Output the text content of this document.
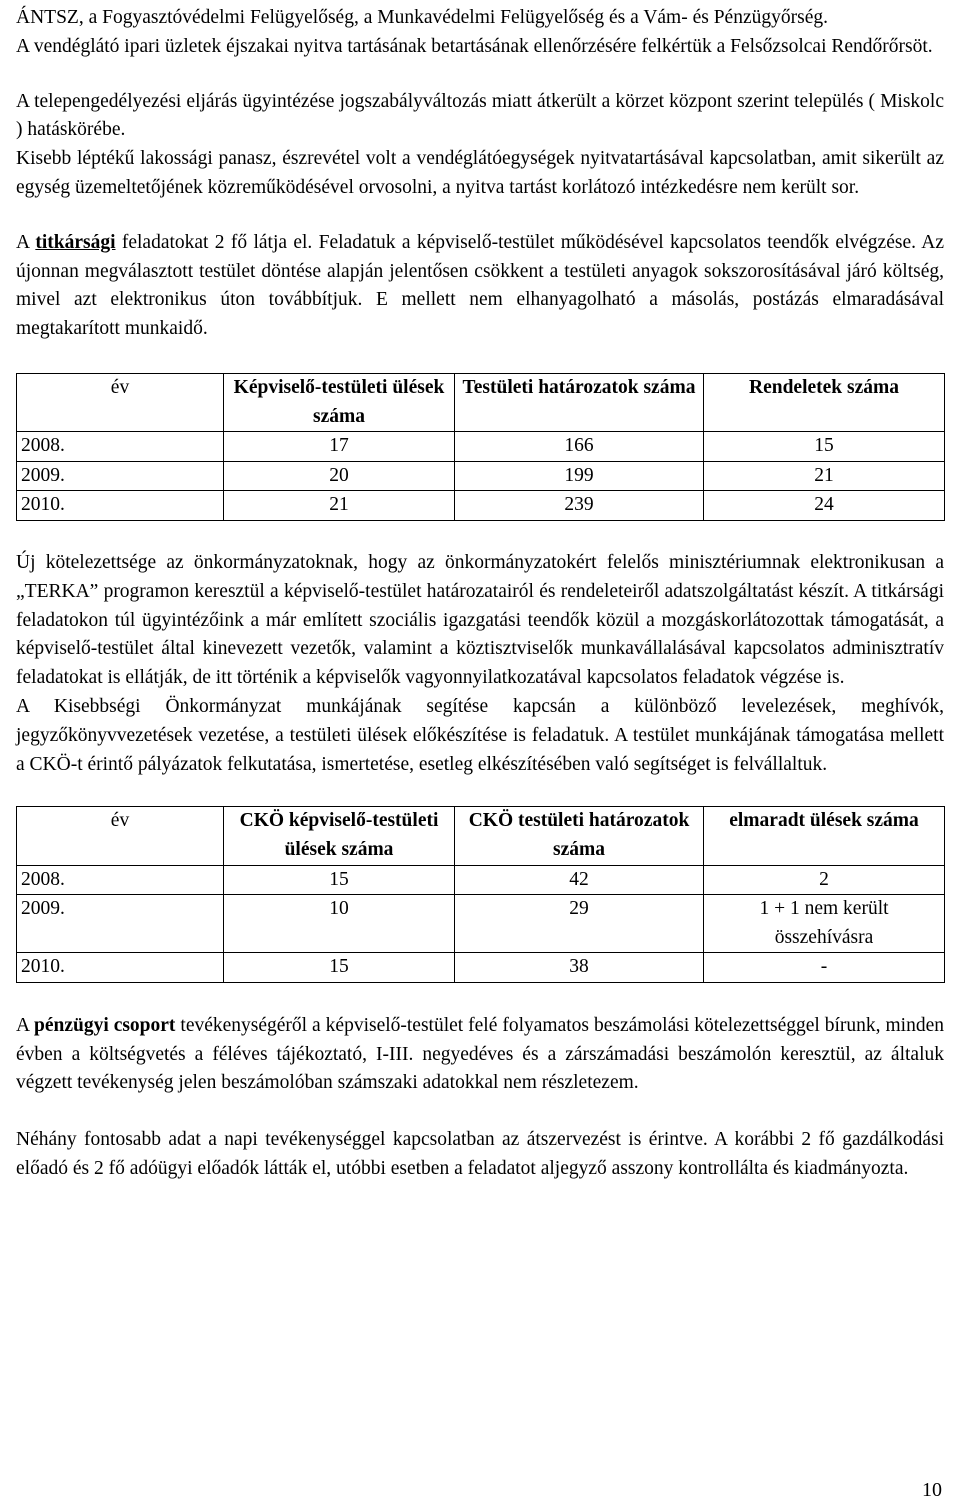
ÁNTSZ, a Fogyasztóvédelmi Felügyelőség, a Munkavédelmi Felügyelőség és a Vám- és Pénzügyőrség.

A vendéglátó ipari üzletek éjszakai nyitva tartásának betartásának ellenőrzésére felkértük a Felsőzsolcai Rendőrőrsöt.

A telepengedélyezési eljárás ügyintézése jogszabályváltozás miatt átkerült a körzet központ szerint település ( Miskolc ) hatáskörébe.

Kisebb léptékű lakossági panasz, észrevétel volt a vendéglátóegységek nyitvatartásával kapcsolatban, amit sikerült az egység üzemeltetőjének közreműködésével orvosolni, a nyitva tartást korlátozó intézkedésre nem került sor.

A titkársági feladatokat 2 fő látja el. Feladatuk a képviselő-testület működésével kapcsolatos teendők elvégzése. Az újonnan megválasztott testület döntése alapján jelentősen csökkent a testületi anyagok sokszorosításával járó költség, mivel azt elektronikus úton továbbítjuk. E mellett nem elhanyagolható a másolás, postázás elmaradásával megtakarított munkaidő.

év	Képviselő-testületi ülések száma	Testületi határozatok száma	Rendeletek száma
2008.	17	166	15
2009.	20	199	21
2010.	21	239	24

Új kötelezettsége az önkormányzatoknak, hogy az önkormányzatokért felelős minisztériumnak elektronikusan a „TERKA” programon keresztül a képviselő-testület határozatairól és rendeleteiről adatszolgáltatást készít. A titkársági feladatokon túl ügyintézőink a már említett szociális igazgatási teendők közül a mozgáskorlátozottak támogatását, a képviselő-testület által kinevezett vezetők, valamint a köztisztviselők munkavállalásával kapcsolatos adminisztratív feladatokat is ellátják, de itt történik a képviselők vagyonnyilatkozatával kapcsolatos feladatok végzése is.

A Kisebbségi Önkormányzat munkájának segítése kapcsán a különböző levelezések, meghívók, jegyzőkönyvvezetések vezetése, a testületi ülések előkészítése is feladatuk. A testület munkájának támogatása mellett a CKÖ-t érintő pályázatok felkutatása, ismertetése, esetleg elkészítésében való segítséget is felvállaltuk.

év	CKÖ képviselő-testületi ülések száma	CKÖ testületi határozatok száma	elmaradt ülések száma
2008.	15	42	2
2009.	10	29	1 + 1 nem került összehívásra
2010.	15	38	-

A pénzügyi csoport tevékenységéről a képviselő-testület felé folyamatos beszámolási kötelezettséggel bírunk, minden évben a költségvetés a féléves tájékoztató, I-III. negyedéves és a zárszámadási beszámolón keresztül, az általuk végzett tevékenység jelen beszámolóban számszaki adatokkal nem részletezem.

Néhány fontosabb adat a napi tevékenységgel kapcsolatban az átszervezést is érintve. A korábbi 2 fő gazdálkodási előadó és 2 fő adóügyi előadók látták el, utóbbi esetben a feladatot aljegyző asszony kontrollálta és kiadmányozta.

10
